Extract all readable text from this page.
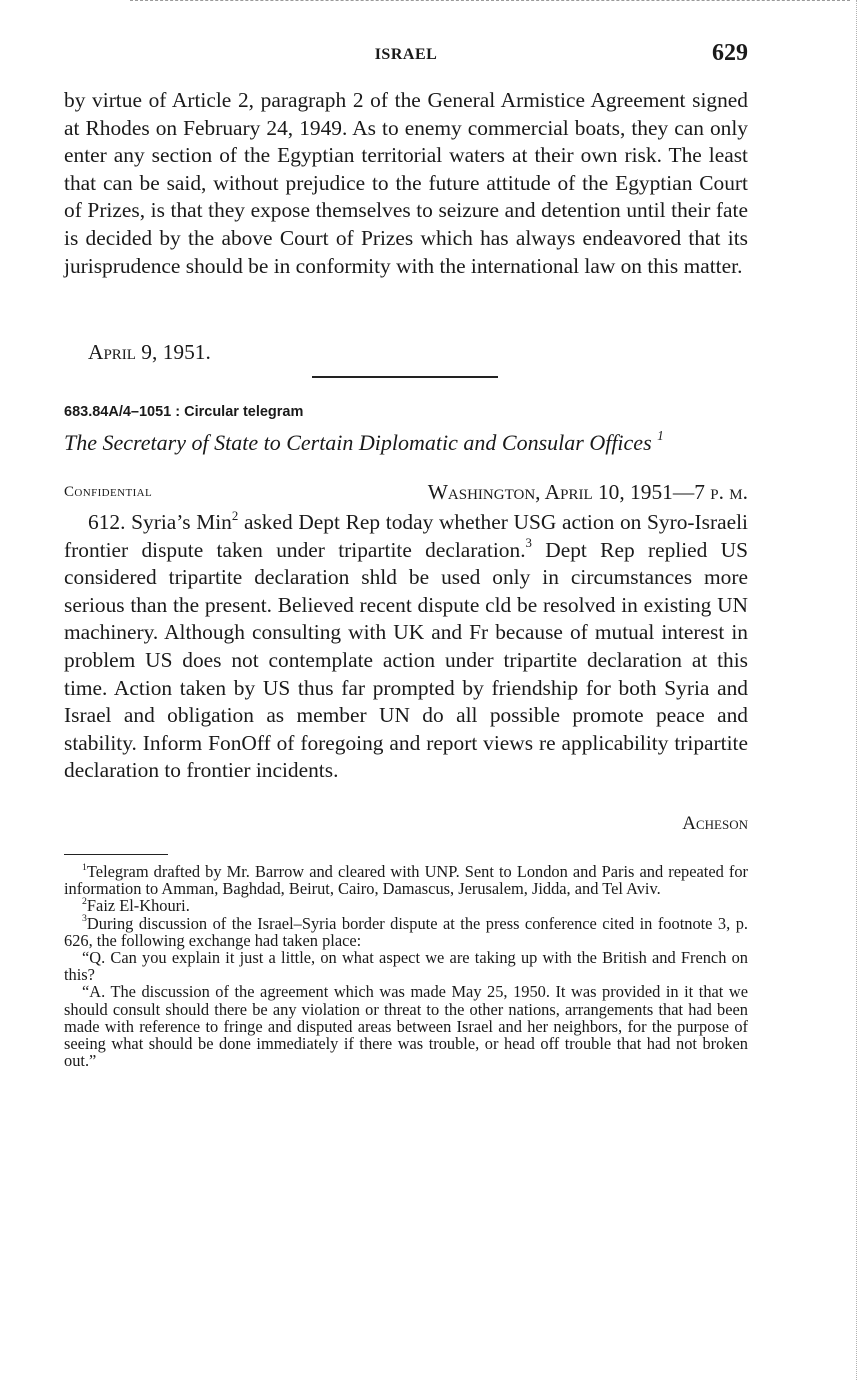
ISRAEL	629

by virtue of Article 2, paragraph 2 of the General Armistice Agreement signed at Rhodes on February 24, 1949. As to enemy commercial boats, they can only enter any section of the Egyptian territorial waters at their own risk. The least that can be said, without prejudice to the future attitude of the Egyptian Court of Prizes, is that they expose themselves to seizure and detention until their fate is decided by the above Court of Prizes which has always endeavored that its jurisprudence should be in conformity with the international law on this matter.

April 9, 1951.
683.84A/4–1051 : Circular telegram
The Secretary of State to Certain Diplomatic and Consular Offices $^1$
Confidential	Washington, April 10, 1951—7 p. m.

612. Syria’s Min$^2$ asked Dept Rep today whether USG action on Syro-Israeli frontier dispute taken under tripartite declaration.$^3$ Dept Rep replied US considered tripartite declaration shld be used only in circumstances more serious than the present. Believed recent dispute cld be resolved in existing UN machinery. Although consulting with UK and Fr because of mutual interest in problem US does not contemplate action under tripartite declaration at this time. Action taken by US thus far prompted by friendship for both Syria and Israel and obligation as member UN do all possible promote peace and stability. Inform FonOff of foregoing and report views re applicability tripartite declaration to frontier incidents.

Acheson

$^1$Telegram drafted by Mr. Barrow and cleared with UNP. Sent to London and Paris and repeated for information to Amman, Baghdad, Beirut, Cairo, Damascus, Jerusalem, Jidda, and Tel Aviv.

$^2$Faiz El-Khouri.

$^3$During discussion of the Israel–Syria border dispute at the press conference cited in footnote 3, p. 626, the following exchange had taken place:

“Q. Can you explain it just a little, on what aspect we are taking up with the British and French on this?

“A. The discussion of the agreement which was made May 25, 1950. It was provided in it that we should consult should there be any violation or threat to the other nations, arrangements that had been made with reference to fringe and disputed areas between Israel and her neighbors, for the purpose of seeing what should be done immediately if there was trouble, or head off trouble that had not broken out.”
